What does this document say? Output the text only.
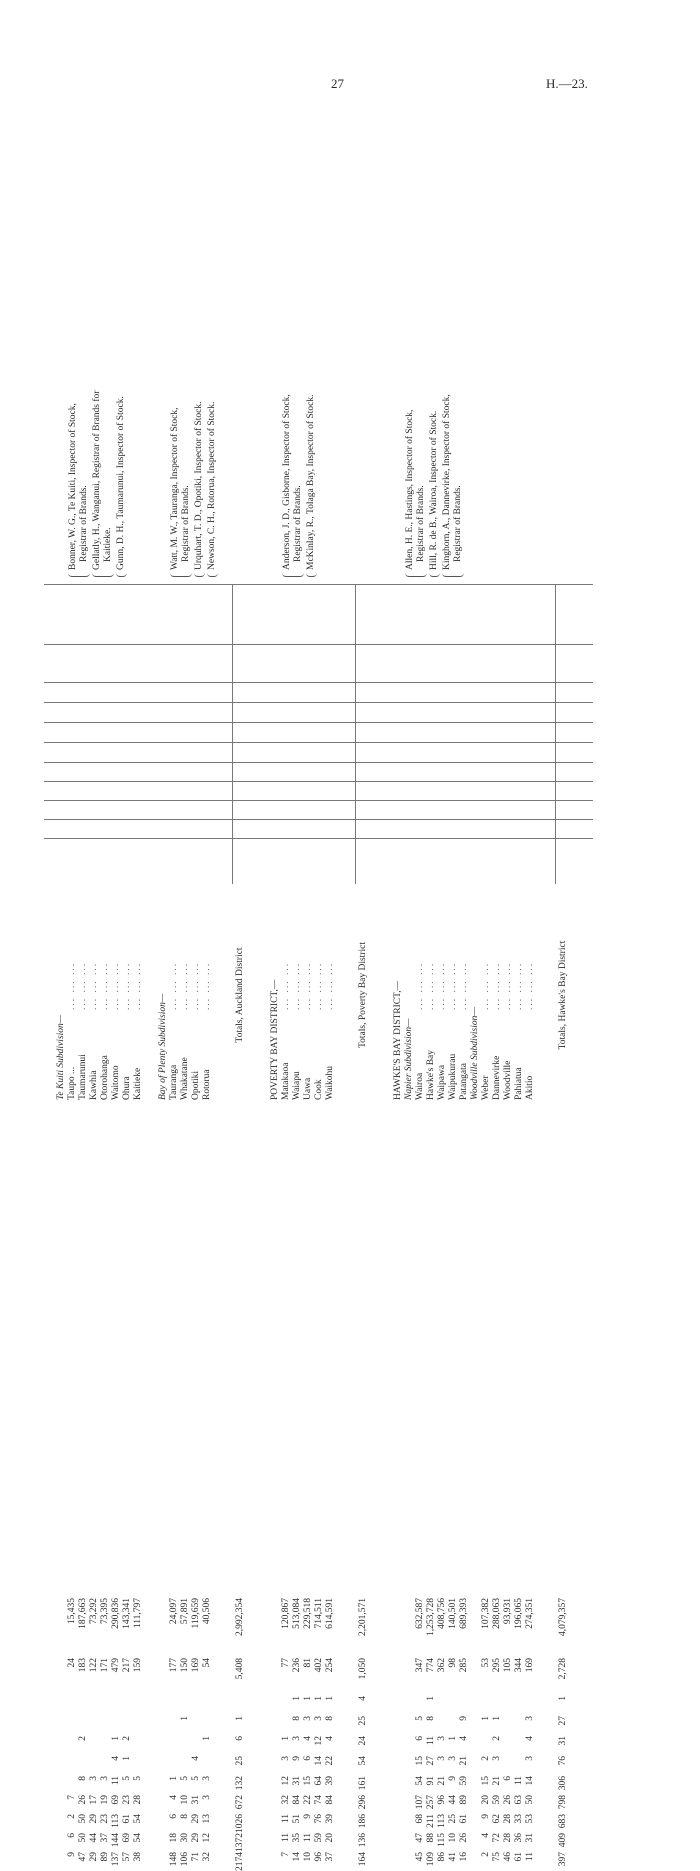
27	H.—23.
Te Kuiti Subdivision— Taupo ...
... ... ...
9
6
2
7
24
15,435
Taumarunui
... ... ...
47
50
50
26
8
2
183
187,663
Kawhia
... ... ...
29
44
29
17
3
122
73,292
Otorohanga
... ... ...
89
37
23
19
3
171
73,395
Waitomo
... ... ...
137
144
113
69
11
4
1
479
290,836
Ohura
... ... ...
57
69
61
23
5
1
2
217
143,341
Kaitieke
... ... ...
38
54
54
28
5
159
111,797
Bonner, W. G., Te Kuiti, Inspector of Stock, Registrar of Brands. Gellatly, H., Wanganui, Registrar of Brands for Kaitieke. Gunn, D. H., Taumarunui, Inspector of Stock.
Bay of Plenty Subdivision— Tauranga
... ... ...
148
18
6
4
1
177
24,097
Whakatane
... ... ...
106
30
8
10
5
1
150
57,891
Opotiki
... ... ...
71
29
29
31
5
4
169
119,659
Rotorua
... ... ...
32
12
13
3
3
1
54
40,506
Watt, M. W., Tauranga, Inspector of Stock, Registrar of Brands. Urquhart, T. D., Opotiki, Inspector of Stock. Newson, C. H., Rotorua, Inspector of Stock.
Totals, Auckland District
2174
1372
1026
672
132
25
6
1
5,408
2,992,354
POVERTY BAY DISTRICT,— Matakaoa
... ... ...
7
11
11
32
12
3
1
77
120,867
Waiapu
... ... ...
14
35
51
84
31
9
3
8
1
236
513,084
Uawa
... ... ...
10
11
9
22
15
6
4
3
1
81
229,518
Cook
... ... ...
96
59
76
74
64
14
12
3
1
402
714,511
Waikohu
... ... ...
37
20
39
84
39
22
4
8
1
254
614,591
Anderson, J. D., Gisborne, Inspector of Stock, Registrar of Brands. McKinlay, R., Tolaga Bay, Inspector of Stock.
Totals, Poverty Bay District
164
136
186
296
161
54
24
25
4
1,050
2,201,571
HAWKE'S BAY DISTRICT,— Napier Subdivision— Wairoa
... ... ...
45
47
68
107
54
15
6
5
347
632,587
Hawke's Bay
... ... ...
109
88
211
257
91
27
11
8
1
774
1,253,728
Waipawa
... ... ...
86
115
113
96
21
3
3
362
408,756
Waipukurau
... ... ...
41
10
25
44
9
3
1
98
140,501
Patangata
... ... ...
16
26
61
89
59
21
4
9
285
689,393
Woodville Subdivision— Weber
... ... ...
2
4
9
20
15
2
1
53
107,382
Dannevirke
... ... ...
75
72
62
59
21
3
2
1
295
288,063
Woodville
... ... ...
46
28
28
26
6
105
93,931
Pahiatua
... ... ...
61
36
33
63
11
344
196,065
Akitio
... ... ...
11
31
53
50
14
3
4
3
169
274,351
Allen, H. E., Hastings, Inspector of Stock, Registrar of Brands. Hill, R. de B., Wairoa, Inspector of Stock. Kinghorn, A., Dannevirke, Inspector of Stock, Registrar of Brands.
Totals, Hawke's Bay District
397
409
683
798
306
76
31
27
1
2,728
4,079,357
